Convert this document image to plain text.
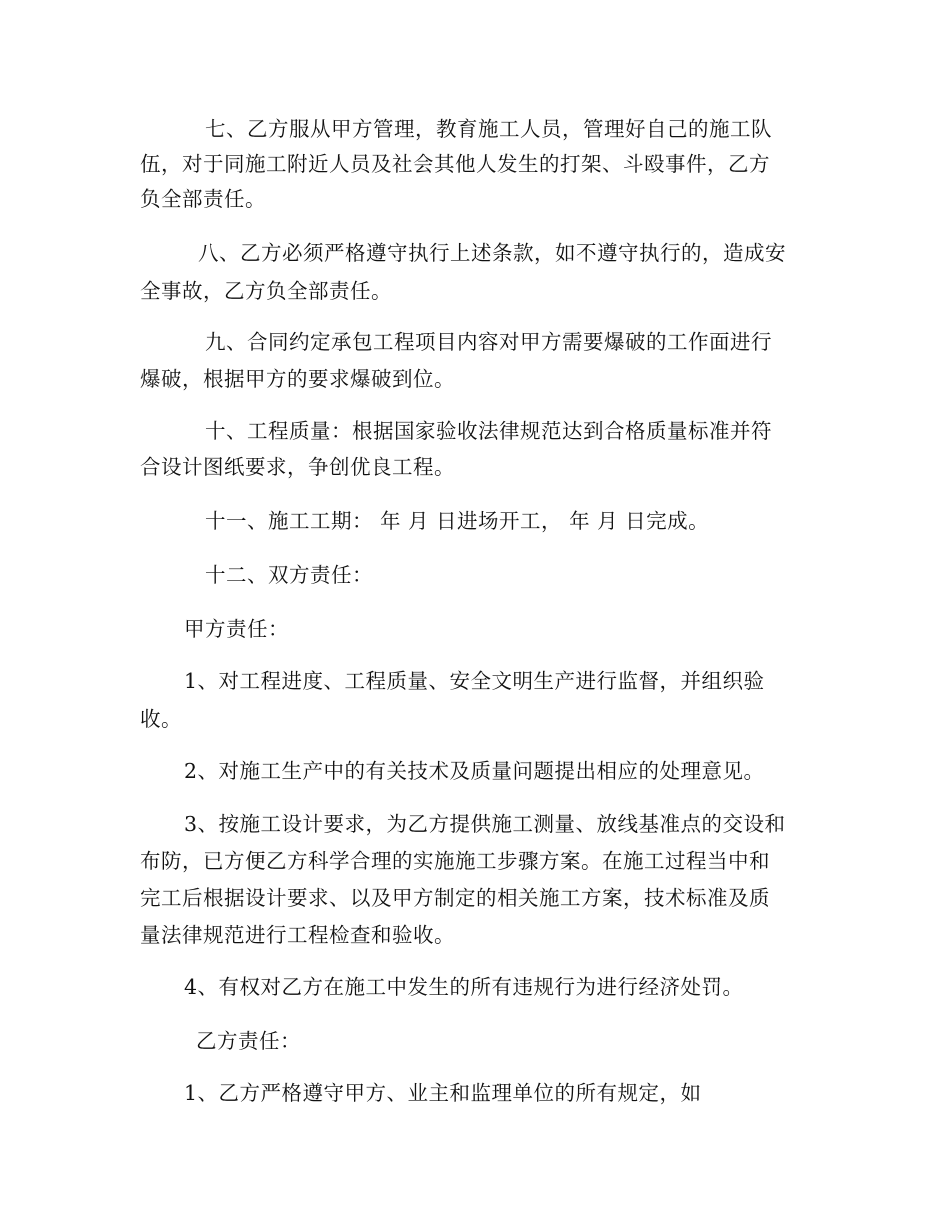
七、乙方服从甲方管理，教育施工人员，管理好自己的施工队

伍，对于同施工附近人员及社会其他人发生的打架、斗殴事件，乙方

负全部责任。

八、乙方必须严格遵守执行上述条款，如不遵守执行的，造成安

全事故，乙方负全部责任。

九、合同约定承包工程项目内容对甲方需要爆破的工作面进行

爆破，根据甲方的要求爆破到位。

十、工程质量：根据国家验收法律规范达到合格质量标准并符

合设计图纸要求，争创优良工程。

十一、施工工期： 年 月 日进场开工， 年 月 日完成。

十二、双方责任：

甲方责任：

1、对工程进度、工程质量、安全文明生产进行监督，并组织验

收。

2、对施工生产中的有关技术及质量问题提出相应的处理意见。

3、按施工设计要求，为乙方提供施工测量、放线基准点的交设和

布防，已方便乙方科学合理的实施施工步骤方案。在施工过程当中和

完工后根据设计要求、以及甲方制定的相关施工方案，技术标准及质

量法律规范进行工程检查和验收。

4、有权对乙方在施工中发生的所有违规行为进行经济处罚。

乙方责任：

1、乙方严格遵守甲方、业主和监理单位的所有规定，如
